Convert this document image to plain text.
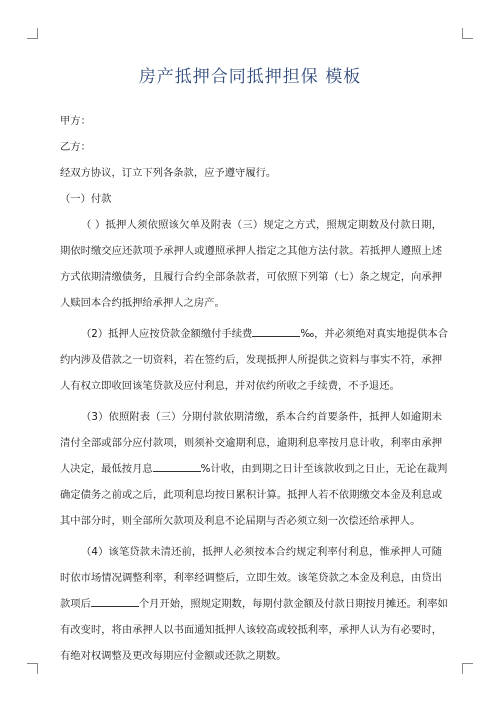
房产抵押合同抵押担保 模板
甲方：
乙方：
经双方协议，订立下列各条款，应予遵守履行。
（一）付款
（ ）抵押人须依照该欠单及附表（三）规定之方式，照规定期数及付款日期，
期依时缴交应还款项予承押人或遵照承押人指定之其他方法付款。若抵押人遵照上述
方式依期清缴债务，且履行合约全部条款者，可依照下列第（七）条之规定，向承押
人赎回本合约抵押给承押人之房产。
（2）抵押人应按贷款金额缴付手续费	‰，并必须绝对真实地提供本合
约内涉及借款之一切资料，若在签约后，发现抵押人所提供之资料与事实不符，承押
人有权立即收回该笔贷款及应付利息，并对依约所收之手续费，不予退还。
（3）依照附表（三）分期付款依期清缴，系本合约首要条件，抵押人如逾期未
清付全部或部分应付款项，则须补交逾期利息，逾期利息率按月息计收，利率由承押
人决定，最低按月息	%计收，由到期之日计至该款收到之日止，无论在裁判
确定债务之前或之后，此项利息均按日累积计算。抵押人若不依期缴交本金及利息或
其中部分时，则全部所欠款项及利息不论届期与否必须立刻一次偿还给承押人。
（4）该笔贷款未清还前，抵押人必须按本合约规定利率付利息，惟承押人可随
时依市场情况调整利率，利率经调整后，立即生效。该笔贷款之本金及利息，由贷出
款项后	个月开始，照规定期数，每期付款金额及付款日期按月摊还。利率如
有改变时，将由承押人以书面通知抵押人该较高或较抵利率，承押人认为有必要时，
有绝对权调整及更改每期应付金额或还款之期数。
